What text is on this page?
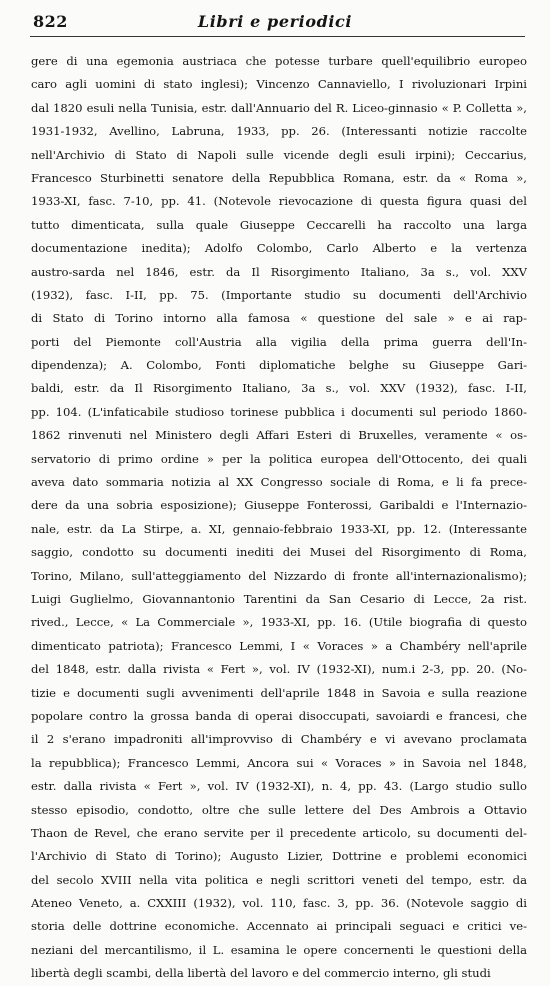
822	Libri e periodici
gere di una egemonia austriaca che potesse turbare quell'equilibrio europeo
caro agli uomini di stato inglesi); Vincenzo Cannaviello, I rivoluzionari Irpini
dal 1820 esuli nella Tunisia, estr. dall'Annuario del R. Liceo-ginnasio « P. Colletta »,
1931-1932, Avellino, Labruna, 1933, pp. 26. (Interessanti notizie raccolte
nell'Archivio di Stato di Napoli sulle vicende degli esuli irpini); Ceccarius,
Francesco Sturbinetti senatore della Repubblica Romana, estr. da « Roma »,
1933-XI, fasc. 7-10, pp. 41. (Notevole rievocazione di questa figura quasi del
tutto dimenticata, sulla quale Giuseppe Ceccarelli ha raccolto una larga
documentazione inedita); Adolfo Colombo, Carlo Alberto e la vertenza
austro-sarda nel 1846, estr. da Il Risorgimento Italiano, 3a s., vol. XXV
(1932), fasc. I-II, pp. 75. (Importante studio su documenti dell'Archivio
di Stato di Torino intorno alla famosa « questione del sale » e ai rap-
porti del Piemonte coll'Austria alla vigilia della prima guerra dell'In-
dipendenza); A. Colombo, Fonti diplomatiche belghe su Giuseppe Gari-
baldi, estr. da Il Risorgimento Italiano, 3a s., vol. XXV (1932), fasc. I-II,
pp. 104. (L'infaticabile studioso torinese pubblica i documenti sul periodo 1860-
1862 rinvenuti nel Ministero degli Affari Esteri di Bruxelles, veramente « os-
servatorio di primo ordine » per la politica europea dell'Ottocento, dei quali
aveva dato sommaria notizia al XX Congresso sociale di Roma, e li fa prece-
dere da una sobria esposizione); Giuseppe Fonterossi, Garibaldi e l'Internazio-
nale, estr. da La Stirpe, a. XI, gennaio-febbraio 1933-XI, pp. 12. (Interessante
saggio, condotto su documenti inediti dei Musei del Risorgimento di Roma,
Torino, Milano, sull'atteggiamento del Nizzardo di fronte all'internazionalismo);
Luigi Guglielmo, Giovannantonio Tarentini da San Cesario di Lecce, 2a rist.
rived., Lecce, « La Commerciale », 1933-XI, pp. 16. (Utile biografia di questo
dimenticato patriota); Francesco Lemmi, I « Voraces » a Chambéry nell'aprile
del 1848, estr. dalla rivista « Fert », vol. IV (1932-XI), num.i 2-3, pp. 20. (No-
tizie e documenti sugli avvenimenti dell'aprile 1848 in Savoia e sulla reazione
popolare contro la grossa banda di operai disoccupati, savoiardi e francesi, che
il 2 s'erano impadroniti all'improvviso di Chambéry e vi avevano proclamata
la repubblica); Francesco Lemmi, Ancora sui « Voraces » in Savoia nel 1848,
estr. dalla rivista « Fert », vol. IV (1932-XI), n. 4, pp. 43. (Largo studio sullo
stesso episodio, condotto, oltre che sulle lettere del Des Ambrois a Ottavio
Thaon de Revel, che erano servite per il precedente articolo, su documenti del-
l'Archivio di Stato di Torino); Augusto Lizier, Dottrine e problemi economici
del secolo XVIII nella vita politica e negli scrittori veneti del tempo, estr. da
Ateneo Veneto, a. CXXIII (1932), vol. 110, fasc. 3, pp. 36. (Notevole saggio di
storia delle dottrine economiche. Accennato ai principali seguaci e critici ve-
neziani del mercantilismo, il L. esamina le opere concernenti le questioni della
libertà degli scambi, della libertà del lavoro e del commercio interno, gli studi
